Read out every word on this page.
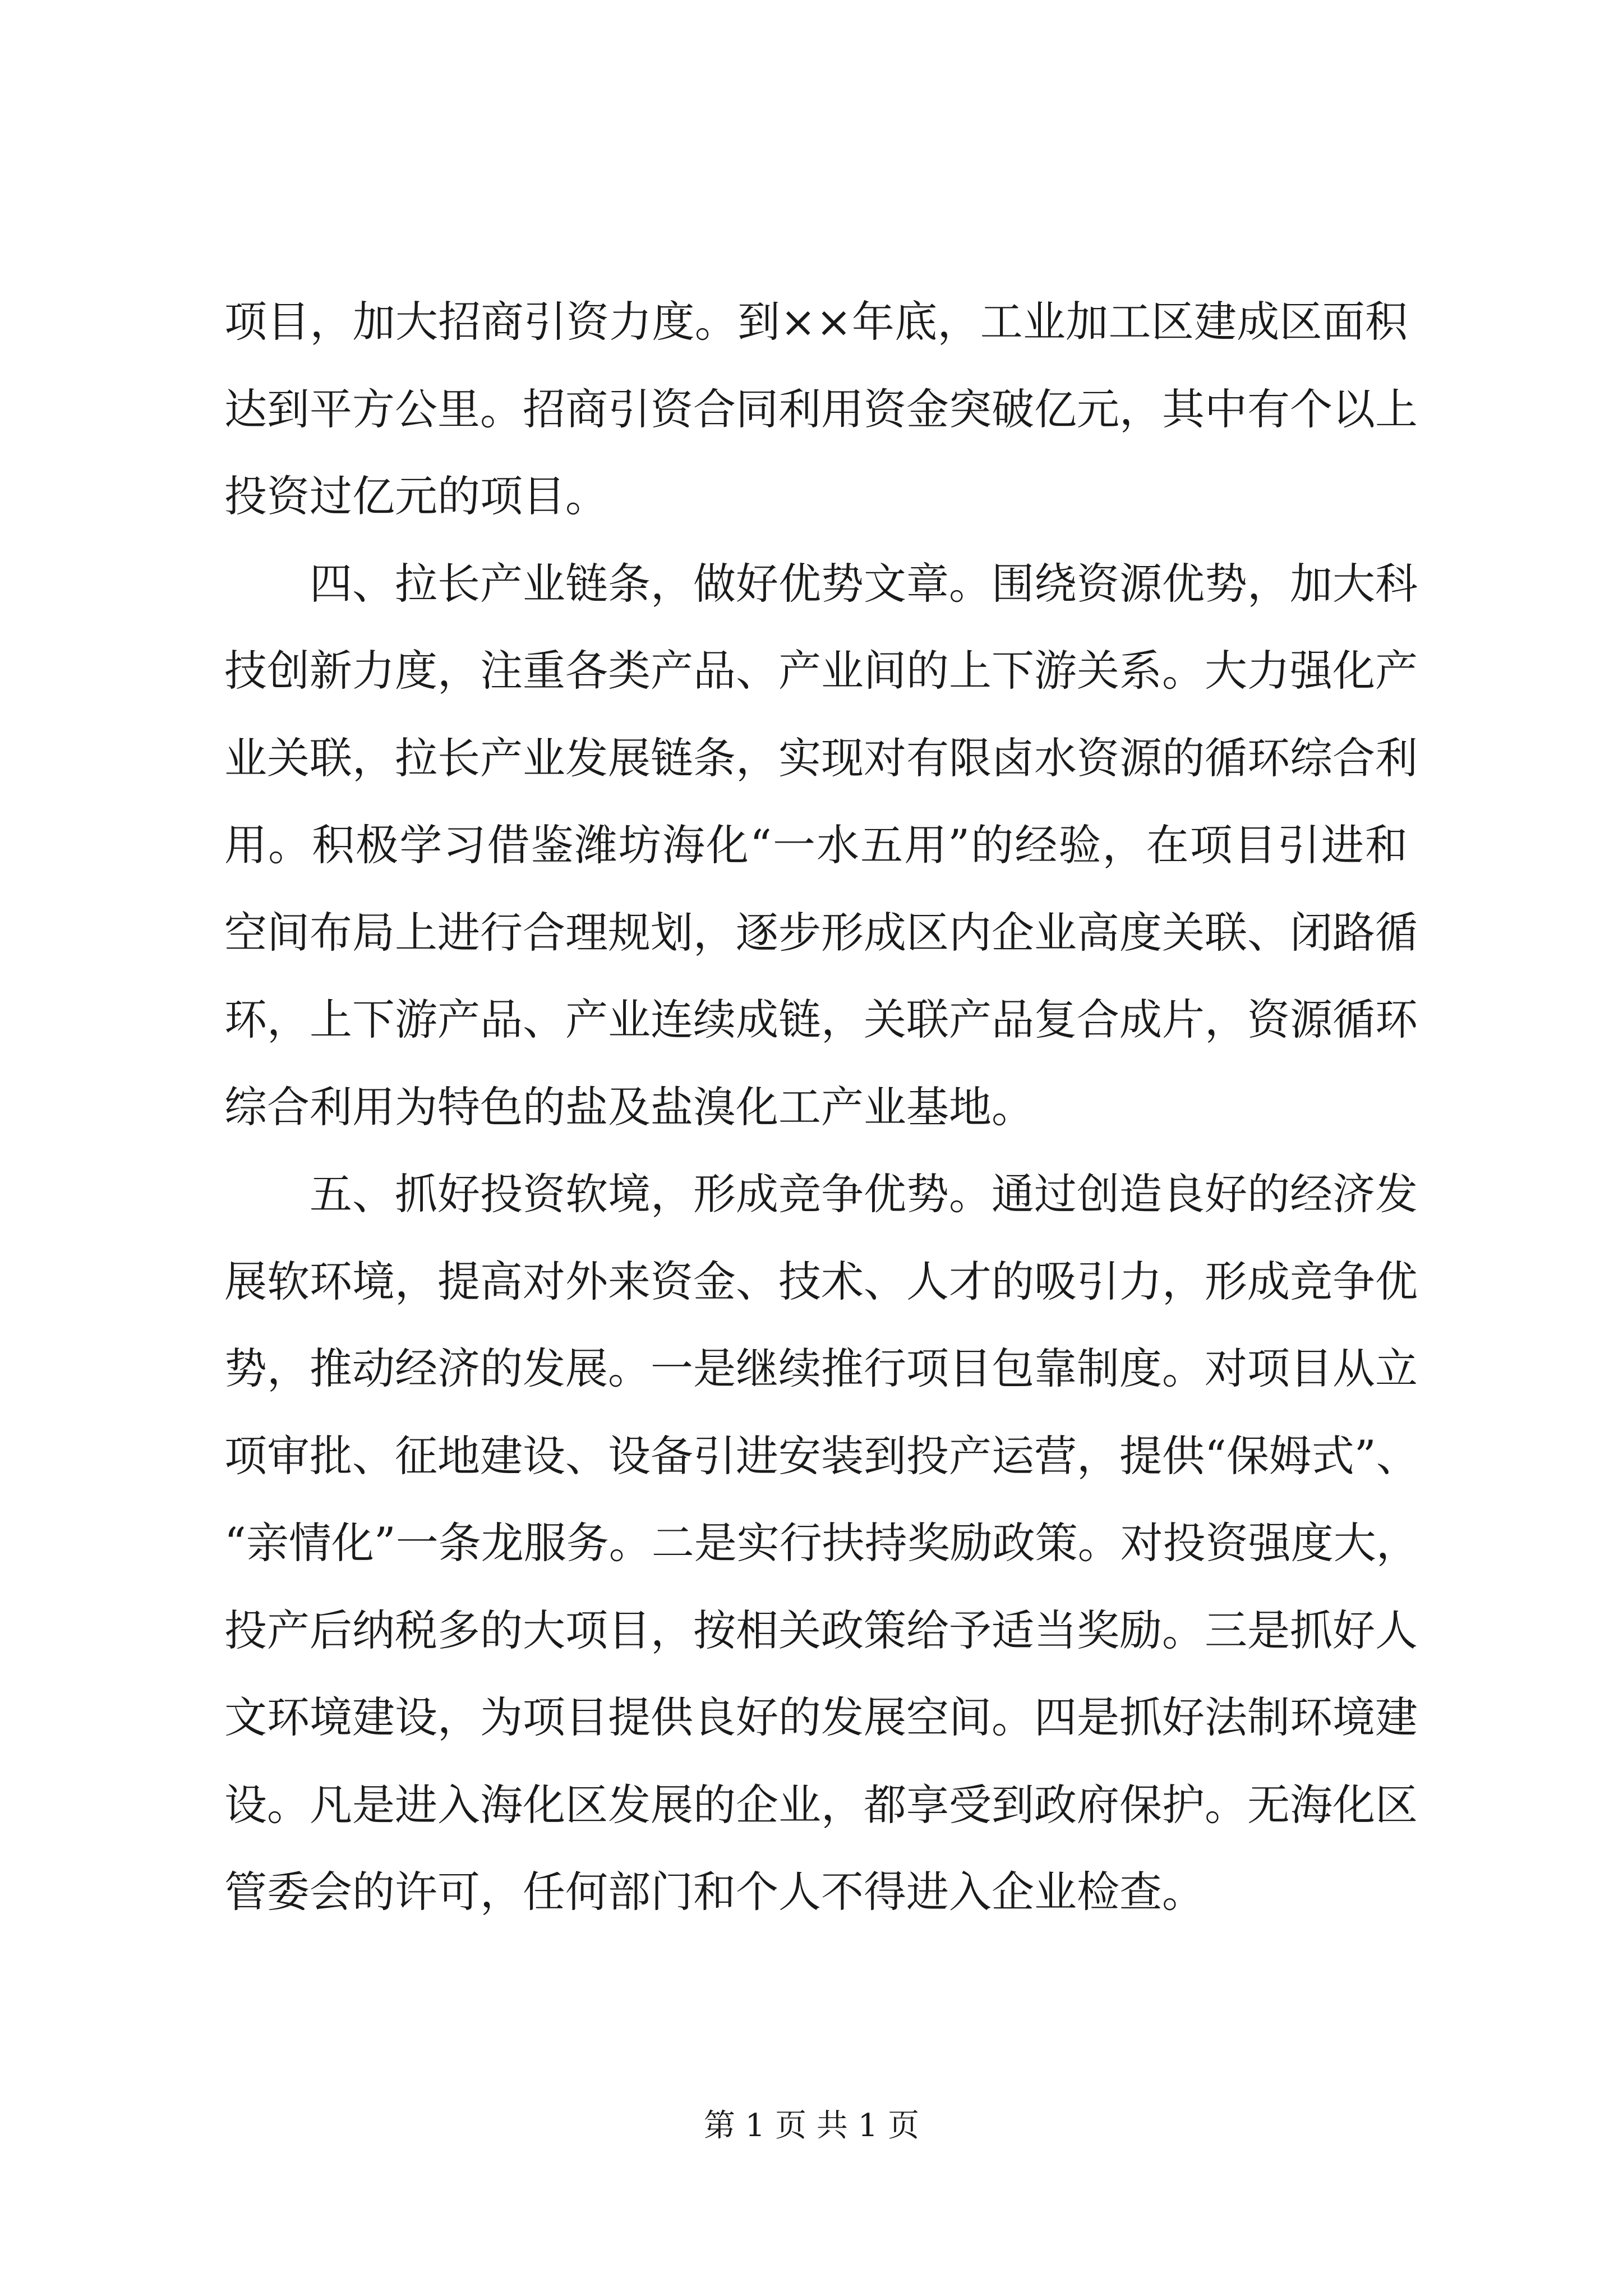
项目，加大招商引资力度。到××年底，工业加工区建成区面积
达到平方公里。招商引资合同利用资金突破亿元，其中有个以上
投资过亿元的项目。
四、拉长产业链条，做好优势文章。围绕资源优势，加大科
技创新力度，注重各类产品、产业间的上下游关系。大力强化产
业关联，拉长产业发展链条，实现对有限卤水资源的循环综合利
用。积极学习借鉴潍坊海化“一水五用”的经验，在项目引进和
空间布局上进行合理规划，逐步形成区内企业高度关联、闭路循
环，上下游产品、产业连续成链，关联产品复合成片，资源循环
综合利用为特色的盐及盐溴化工产业基地。
五、抓好投资软境，形成竞争优势。通过创造良好的经济发
展软环境，提高对外来资金、技术、人才的吸引力，形成竞争优
势，推动经济的发展。一是继续推行项目包靠制度。对项目从立
项审批、征地建设、设备引进安装到投产运营，提供“保姆式”、
“亲情化”一条龙服务。二是实行扶持奖励政策。对投资强度大，
投产后纳税多的大项目，按相关政策给予适当奖励。三是抓好人
文环境建设，为项目提供良好的发展空间。四是抓好法制环境建
设。凡是进入海化区发展的企业，都享受到政府保护。无海化区
管委会的许可，任何部门和个人不得进入企业检查。
第 1 页 共 1 页
